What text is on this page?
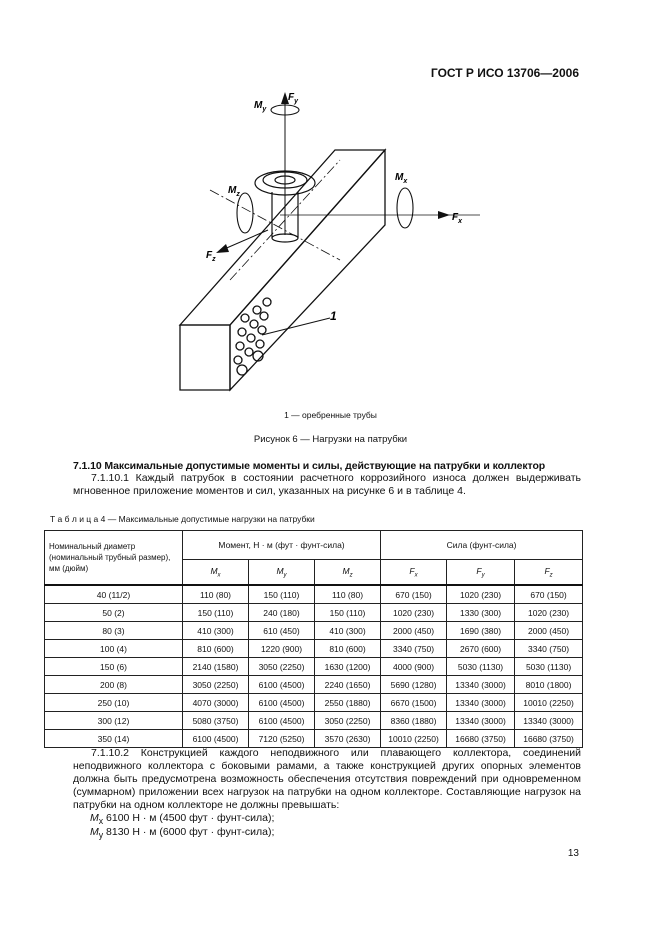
ГОСТ Р ИСО 13706—2006
$F_y$
$M_y$
$M_z$
$M_x$
$F_x$
$F_z$
1
1 — оребренные трубы
Рисунок 6 — Нагрузки на патрубки
7.1.10 Максимальные допустимые моменты и силы, действующие на патрубки и коллектор
7.1.10.1 Каждый патрубок в состоянии расчетного коррозийного износа должен выдерживать мгновенное приложение моментов и сил, указанных на рисунке 6 и в таблице 4.
Т а б л и ц а 4 — Максимальные допустимые нагрузки на патрубки
Номинальный диаметр (номинальный трубный размер), мм (дюйм)	Момент, Н · м (фут · фунт-сила)			Сила (фунт-сила)		
	$M_x$	$M_y$	$M_z$	$F_x$	$F_y$	$F_z$
40 (11/2)	110 (80)	150 (110)	110 (80)	670 (150)	1020 (230)	670 (150)
50 (2)	150 (110)	240 (180)	150 (110)	1020 (230)	1330 (300)	1020 (230)
80 (3)	410 (300)	610 (450)	410 (300)	2000 (450)	1690 (380)	2000 (450)
100 (4)	810 (600)	1220 (900)	810 (600)	3340 (750)	2670 (600)	3340 (750)
150 (6)	2140 (1580)	3050 (2250)	1630 (1200)	4000 (900)	5030 (1130)	5030 (1130)
200 (8)	3050 (2250)	6100 (4500)	2240 (1650)	5690 (1280)	13340 (3000)	8010 (1800)
250 (10)	4070 (3000)	6100 (4500)	2550 (1880)	6670 (1500)	13340 (3000)	10010 (2250)
300 (12)	5080 (3750)	6100 (4500)	3050 (2250)	8360 (1880)	13340 (3000)	13340 (3000)
350 (14)	6100 (4500)	7120 (5250)	3570 (2630)	10010 (2250)	16680 (3750)	16680 (3750)
7.1.10.2 Конструкцией каждого неподвижного или плавающего коллектора, соединений неподвижного коллектора с боковыми рамами, а также конструкцией других опорных элементов должна быть предусмотрена возможность обеспечения отсутствия повреждений при одновременном (суммарном) приложении всех нагрузок на патрубки на одном коллекторе. Составляющие нагрузок на патрубки на одном коллекторе не должны превышать:
$M_x$ 6100 Н · м (4500 фут · фунт-сила);
$M_y$ 8130 Н · м (6000 фут · фунт-сила);
13
